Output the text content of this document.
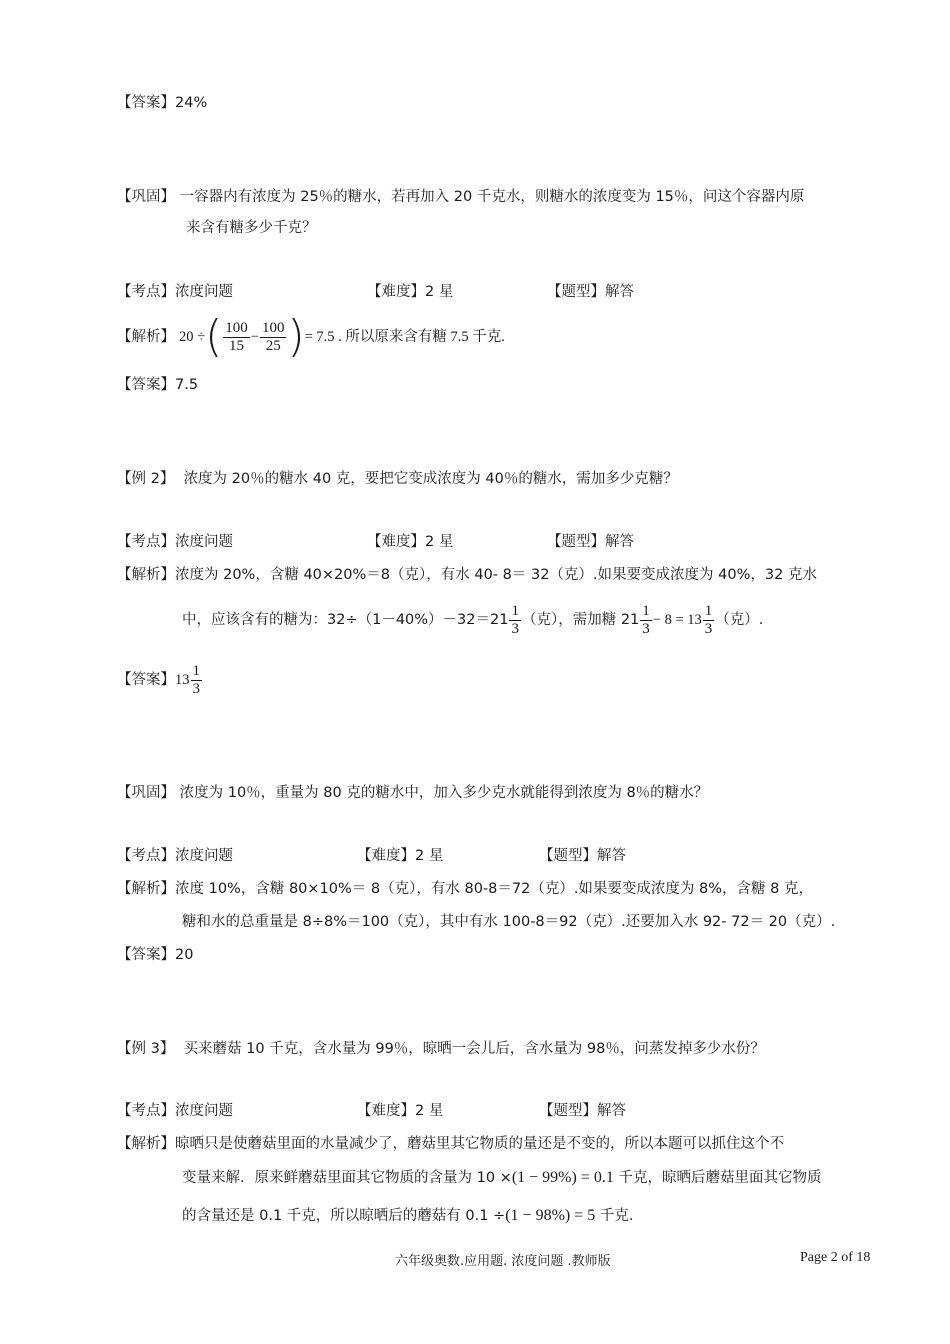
【答案】24%
【巩固】 一容器内有浓度为 25％的糖水，若再加入 20 千克水，则糖水的浓度变为 15％，问这个容器内原
来含有糖多少千克？
【考点】浓度问题	【难度】2 星	【题型】解答
【解析】 20 ÷ ( $\frac{100}{15} - \frac{100}{25}$ ) = 7.5 . 所以原来含有糖 7.5 千克.
【答案】7.5
【例 2】 浓度为 20％的糖水 40 克，要把它变成浓度为 40％的糖水，需加多少克糖？
【考点】浓度问题	【难度】2 星	【题型】解答
【解析】浓度为 20%，含糖 40×20%＝8（克），有水 40- 8＝ 32（克）.如果要变成浓度为 40%，32 克水
中，应该含有的糖为：$32\div(1-40\%)-32=21 \frac{1}{3}$ （克），需加糖 $21 \frac{1}{3} - 8 = 13 \frac{1}{3}$ （克）.
【答案】 $13 \frac{1}{3}$
【巩固】 浓度为 10％，重量为 80 克的糖水中，加入多少克水就能得到浓度为 8％的糖水？
【考点】浓度问题	【难度】2 星	【题型】解答
【解析】浓度 10%，含糖 80×10%＝ 8（克），有水 80-8＝72（克）.如果要变成浓度为 8%，含糖 8 克，
糖和水的总重量是 8÷8%＝100（克），其中有水 100-8＝92（克）.还要加入水 92- 72＝ 20（克）.
【答案】20
【例 3】 买来蘑菇 10 千克，含水量为 99％，晾晒一会儿后，含水量为 98％，问蒸发掉多少水份？
【考点】浓度问题	【难度】2 星	【题型】解答
【解析】晾晒只是使蘑菇里面的水量减少了，蘑菇里其它物质的量还是不变的，所以本题可以抓住这个不
变量来解．原来鲜蘑菇里面其它物质的含量为 10 ×(1 − 99%) = 0.1 千克，晾晒后蘑菇里面其它物质
的含量还是 0.1 千克，所以晾晒后的蘑菇有 0.1 ÷(1 − 98%) = 5 千克.
六年级奥数.应用题. 浓度问题 .教师版	Page 2 of 18
